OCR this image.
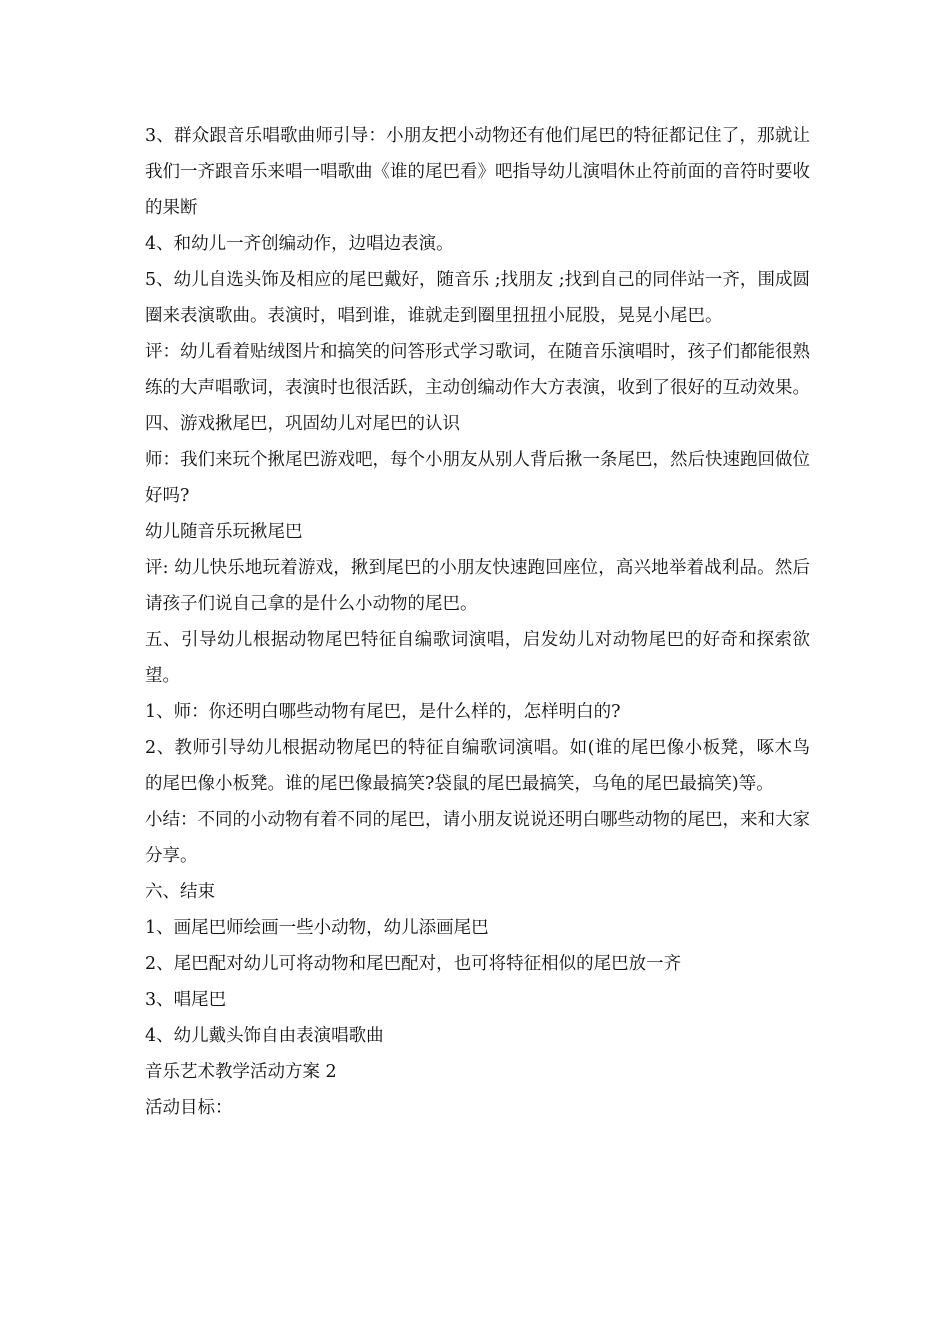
3、群众跟音乐唱歌曲师引导：小朋友把小动物还有他们尾巴的特征都记住了，那就让我们一齐跟音乐来唱一唱歌曲《谁的尾巴看》吧指导幼儿演唱休止符前面的音符时要收的果断

4、和幼儿一齐创编动作，边唱边表演。

5、幼儿自选头饰及相应的尾巴戴好，随音乐 ;找朋友 ;找到自己的同伴站一齐，围成圆圈来表演歌曲。表演时，唱到谁，谁就走到圈里扭扭小屁股，晃晃小尾巴。

评：幼儿看着贴绒图片和搞笑的问答形式学习歌词，在随音乐演唱时，孩子们都能很熟练的大声唱歌词，表演时也很活跃，主动创编动作大方表演，收到了很好的互动效果。

四、游戏揪尾巴，巩固幼儿对尾巴的认识

师：我们来玩个揪尾巴游戏吧，每个小朋友从别人背后揪一条尾巴，然后快速跑回做位好吗?

幼儿随音乐玩揪尾巴

评: 幼儿快乐地玩着游戏，揪到尾巴的小朋友快速跑回座位，高兴地举着战利品。然后请孩子们说自己拿的是什么小动物的尾巴。

五、引导幼儿根据动物尾巴特征自编歌词演唱，启发幼儿对动物尾巴的好奇和探索欲望。

1、师：你还明白哪些动物有尾巴，是什么样的，怎样明白的?

2、教师引导幼儿根据动物尾巴的特征自编歌词演唱。如(谁的尾巴像小板凳，啄木鸟的尾巴像小板凳。谁的尾巴像最搞笑?袋鼠的尾巴最搞笑，乌龟的尾巴最搞笑)等。

小结：不同的小动物有着不同的尾巴，请小朋友说说还明白哪些动物的尾巴，来和大家分享。

六、结束

1、画尾巴师绘画一些小动物，幼儿添画尾巴

2、尾巴配对幼儿可将动物和尾巴配对，也可将特征相似的尾巴放一齐

3、唱尾巴

4、幼儿戴头饰自由表演唱歌曲

音乐艺术教学活动方案 2

活动目标：
